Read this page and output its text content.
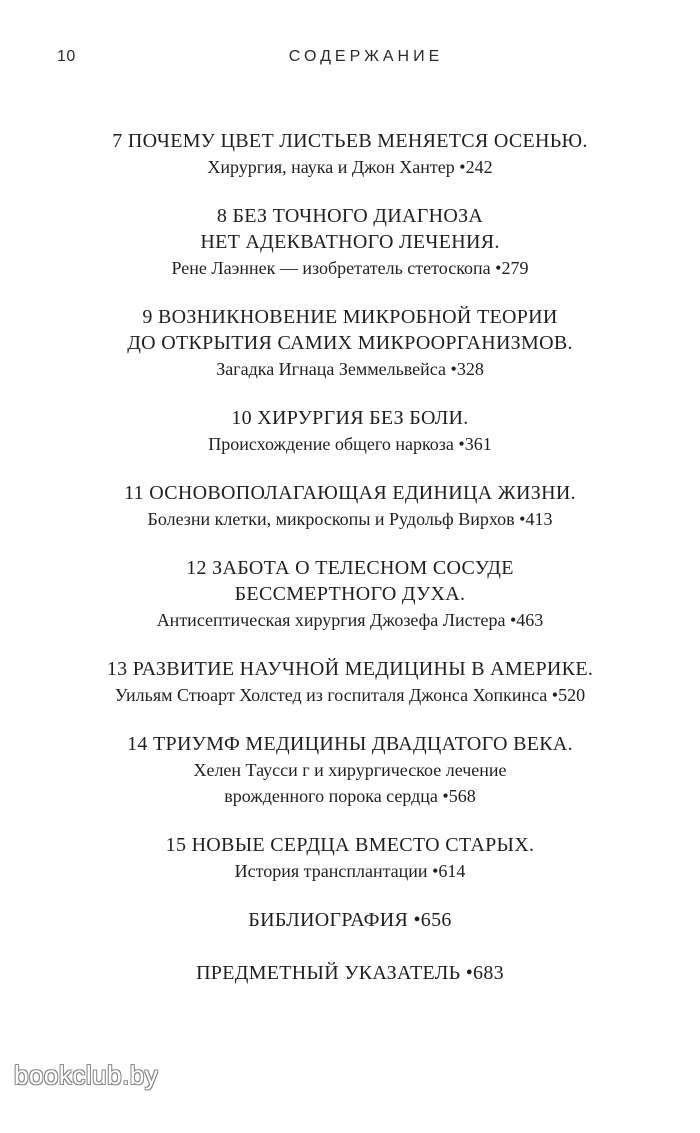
10	СОДЕРЖАНИЕ
7 ПОЧЕМУ ЦВЕТ ЛИСТЬЕВ МЕНЯЕТСЯ ОСЕНЬЮ.
Хирургия, наука и Джон Хантер • 242
8 БЕЗ ТОЧНОГО ДИАГНОЗА
НЕТ АДЕКВАТНОГО ЛЕЧЕНИЯ.
Рене Лаэннек — изобретатель стетоскопа • 279
9 ВОЗНИКНОВЕНИЕ МИКРОБНОЙ ТЕОРИИ
ДО ОТКРЫТИЯ САМИХ МИКРООРГАНИЗМОВ.
Загадка Игнаца Земмельвейса • 328
10 ХИРУРГИЯ БЕЗ БОЛИ.
Происхождение общего наркоза • 361
11 ОСНОВОПОЛАГАЮЩАЯ ЕДИНИЦА ЖИЗНИ.
Болезни клетки, микроскопы и Рудольф Вирхов • 413
12 ЗАБОТА О ТЕЛЕСНОМ СОСУДЕ
БЕССМЕРТНОГО ДУХА.
Антисептическая хирургия Джозефа Листера • 463
13 РАЗВИТИЕ НАУЧНОЙ МЕДИЦИНЫ В АМЕРИКЕ.
Уильям Стюарт Холстед из госпиталя Джонса Хопкинса • 520
14 ТРИУМФ МЕДИЦИНЫ ДВАДЦАТОГО ВЕКА.
Хелен Таусси г и хирургическое лечение
врожденного порока сердца • 568
15 НОВЫЕ СЕРДЦА ВМЕСТО СТАРЫХ.
История трансплантации • 614
БИБЛИОГРАФИЯ • 656
ПРЕДМЕТНЫЙ УКАЗАТЕЛЬ • 683
bookclub.by
